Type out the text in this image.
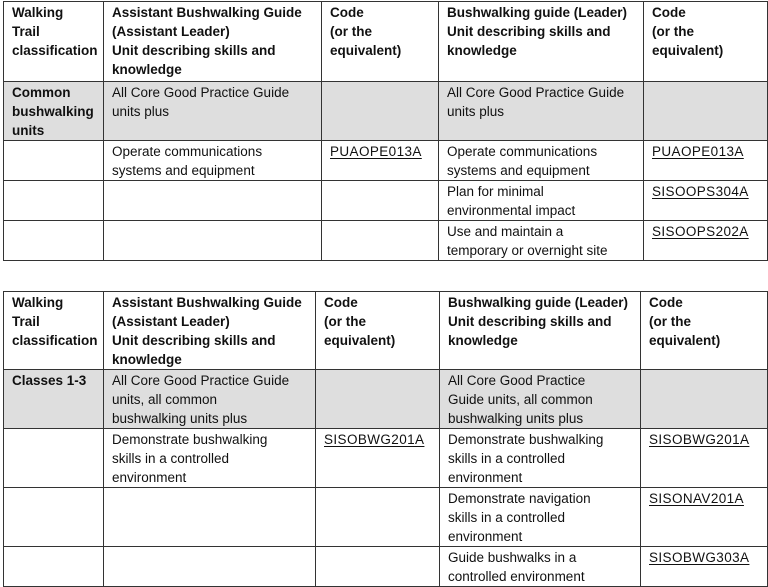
Walking
Trail
classification	Assistant Bushwalking Guide
(Assistant Leader)
Unit describing skills and
knowledge	Code
(or the
equivalent)	Bushwalking guide (Leader)
Unit describing skills and
knowledge	Code
(or the
equivalent)

Common
bushwalking
units	All Core Good Practice Guide
units plus		All Core Good Practice Guide
units plus	

	Operate communications
systems and equipment	PUAOPE013A	Operate communications
systems and equipment	PUAOPE013A

			Plan for minimal
environmental impact	SISOOPS304A

			Use and maintain a
temporary or overnight site	SISOOPS202A
Walking
Trail
classification	Assistant Bushwalking Guide
(Assistant Leader)
Unit describing skills and
knowledge	Code
(or the
equivalent)	Bushwalking guide (Leader)
Unit describing skills and
knowledge	Code
(or the
equivalent)

Classes 1-3	All Core Good Practice Guide
units, all common
bushwalking units plus		All Core Good Practice
Guide units, all common
bushwalking units plus	

	Demonstrate bushwalking
skills in a controlled
environment	SISOBWG201A	Demonstrate bushwalking
skills in a controlled
environment	SISOBWG201A

			Demonstrate navigation
skills in a controlled
environment	SISONAV201A

			Guide bushwalks in a
controlled environment	SISOBWG303A
